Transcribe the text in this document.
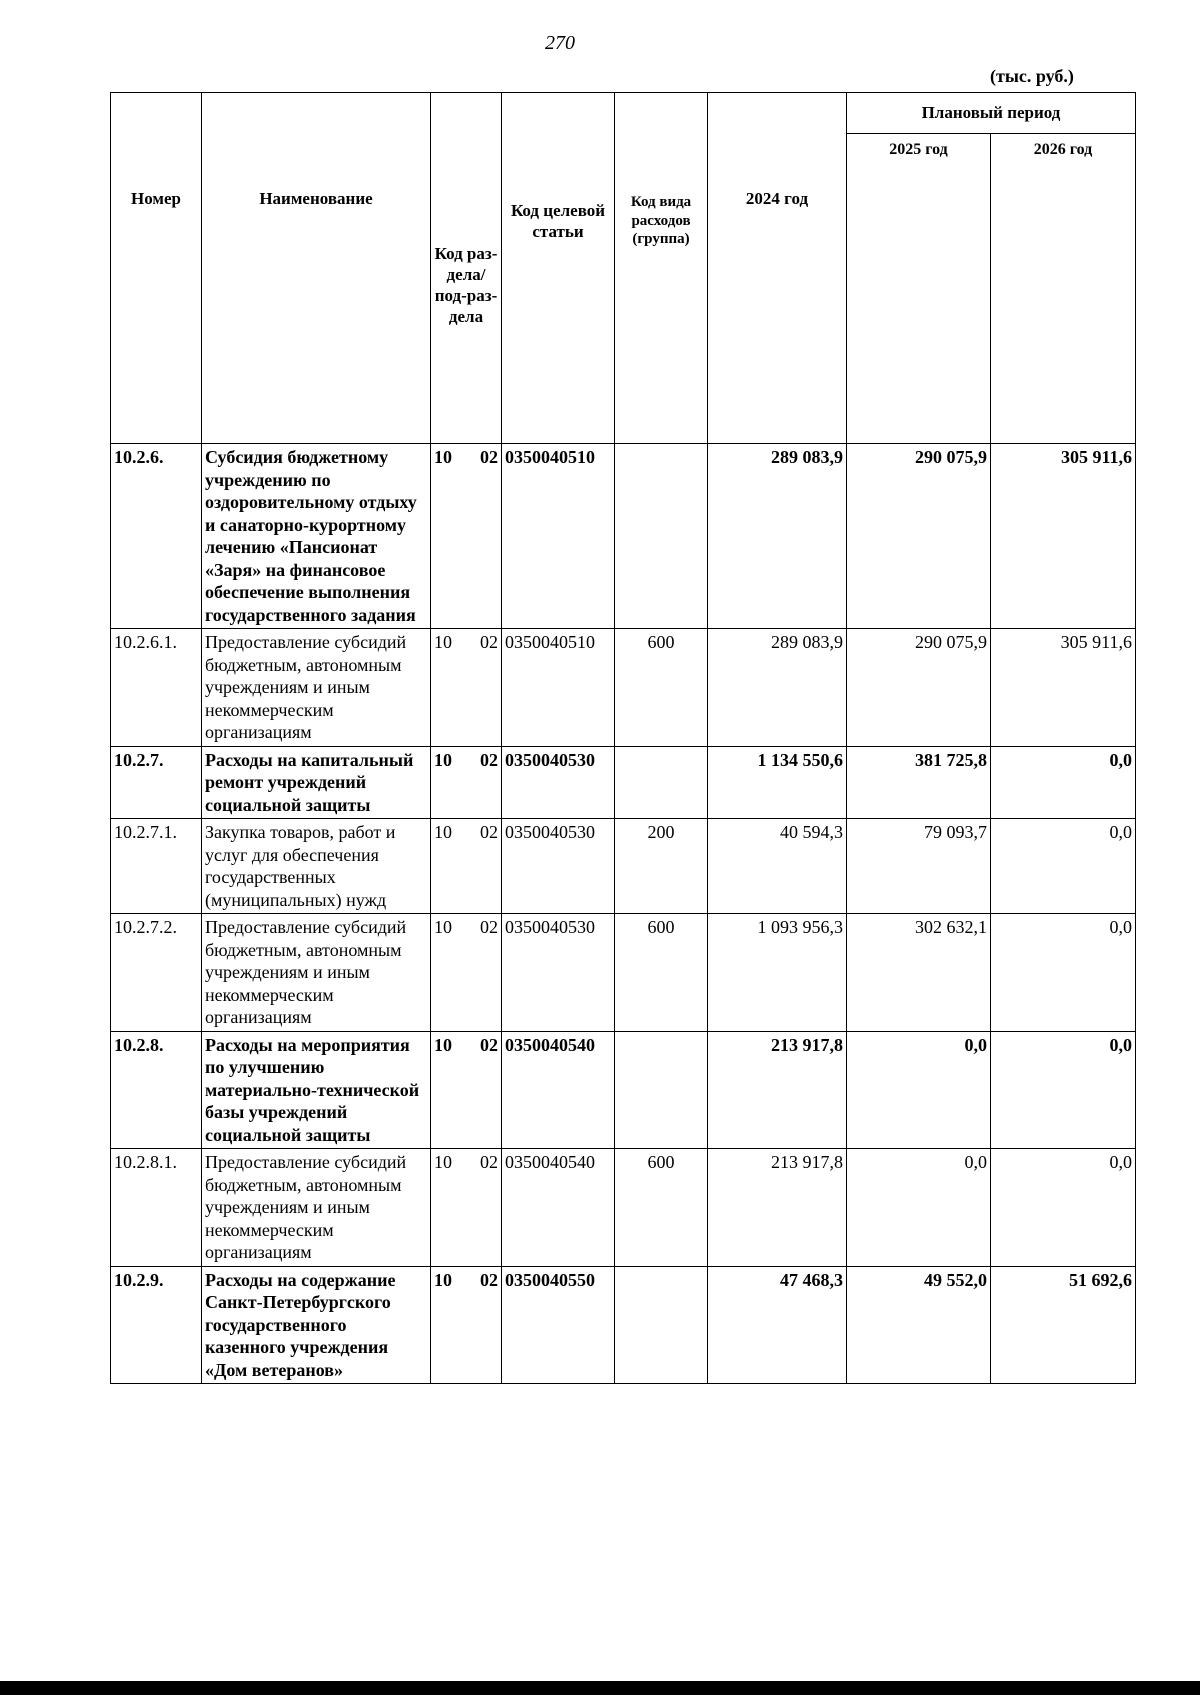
270
(тыс. руб.)
Номер	Наименование	Код раз-дела/ под-раз-дела	Код целевой статьи	Код вида расходов (группа)	2024 год	Плановый период	
						2025 год	2026 год
10.2.6.	Субсидия бюджетному учреждению по оздоровительному отдыху и санаторно-курортному лечению «Пансионат «Заря» на финансовое обеспечение выполнения государственного задания	10 02	0350040510		289 083,9	290 075,9	305 911,6
10.2.6.1.	Предоставление субсидий бюджетным, автономным учреждениям и иным некоммерческим организациям	10 02	0350040510	600	289 083,9	290 075,9	305 911,6
10.2.7.	Расходы на капитальный ремонт учреждений социальной защиты	10 02	0350040530		1 134 550,6	381 725,8	0,0
10.2.7.1.	Закупка товаров, работ и услуг для обеспечения государственных (муниципальных) нужд	10 02	0350040530	200	40 594,3	79 093,7	0,0
10.2.7.2.	Предоставление субсидий бюджетным, автономным учреждениям и иным некоммерческим организациям	10 02	0350040530	600	1 093 956,3	302 632,1	0,0
10.2.8.	Расходы на мероприятия по улучшению материально-технической базы учреждений социальной защиты	10 02	0350040540		213 917,8	0,0	0,0
10.2.8.1.	Предоставление субсидий бюджетным, автономным учреждениям и иным некоммерческим организациям	10 02	0350040540	600	213 917,8	0,0	0,0
10.2.9.	Расходы на содержание Санкт-Петербургского государственного казенного учреждения «Дом ветеранов»	10 02	0350040550		47 468,3	49 552,0	51 692,6
